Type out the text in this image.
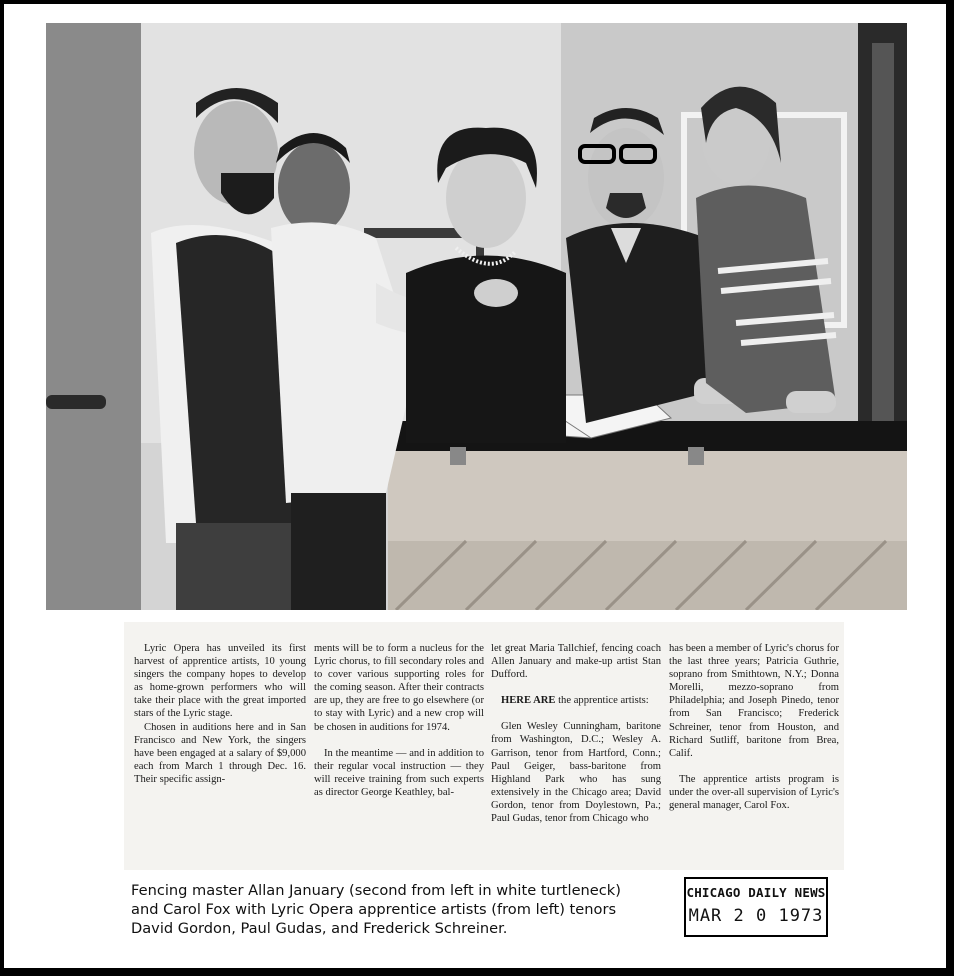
Lyric Opera has unveiled its first harvest of apprentice artists, 10 young singers the company hopes to develop as home-grown performers who will take their place with the great imported stars of the Lyric stage.

Chosen in auditions here and in San Francisco and New York, the singers have been engaged at a salary of $9,000 each from March 1 through Dec. 16. Their specific assign-

ments will be to form a nucleus for the Lyric chorus, to fill secondary roles and to cover various supporting roles for the coming season. After their contracts are up, they are free to go elsewhere (or to stay with Lyric) and a new crop will be chosen in auditions for 1974.

In the meantime — and in addition to their regular vocal instruction — they will receive training from such experts as director George Keathley, bal-

let great Maria Tallchief, fencing coach Allen January and make-up artist Stan Dufford.

HERE ARE the apprentice artists:

Glen Wesley Cunningham, baritone from Washington, D.C.; Wesley A. Garrison, tenor from Hartford, Conn.; Paul Geiger, bass-baritone from Highland Park who has sung extensively in the Chicago area; David Gordon, tenor from Doylestown, Pa.; Paul Gudas, tenor from Chicago who

has been a member of Lyric's chorus for the last three years; Patricia Guthrie, soprano from Smithtown, N.Y.; Donna Morelli, mezzo-soprano from Philadelphia; and Joseph Pinedo, tenor from San Francisco; Frederick Schreiner, tenor from Houston, and Richard Sutliff, baritone from Brea, Calif.

The apprentice artists program is under the over-all supervision of Lyric's general manager, Carol Fox.

Fencing master Allan January (second from left in white turtleneck)
and Carol Fox with Lyric Opera apprentice artists (from left) tenors
David Gordon, Paul Gudas, and Frederick Schreiner.
CHICAGO DAILY NEWS
MAR 2 0 1973
